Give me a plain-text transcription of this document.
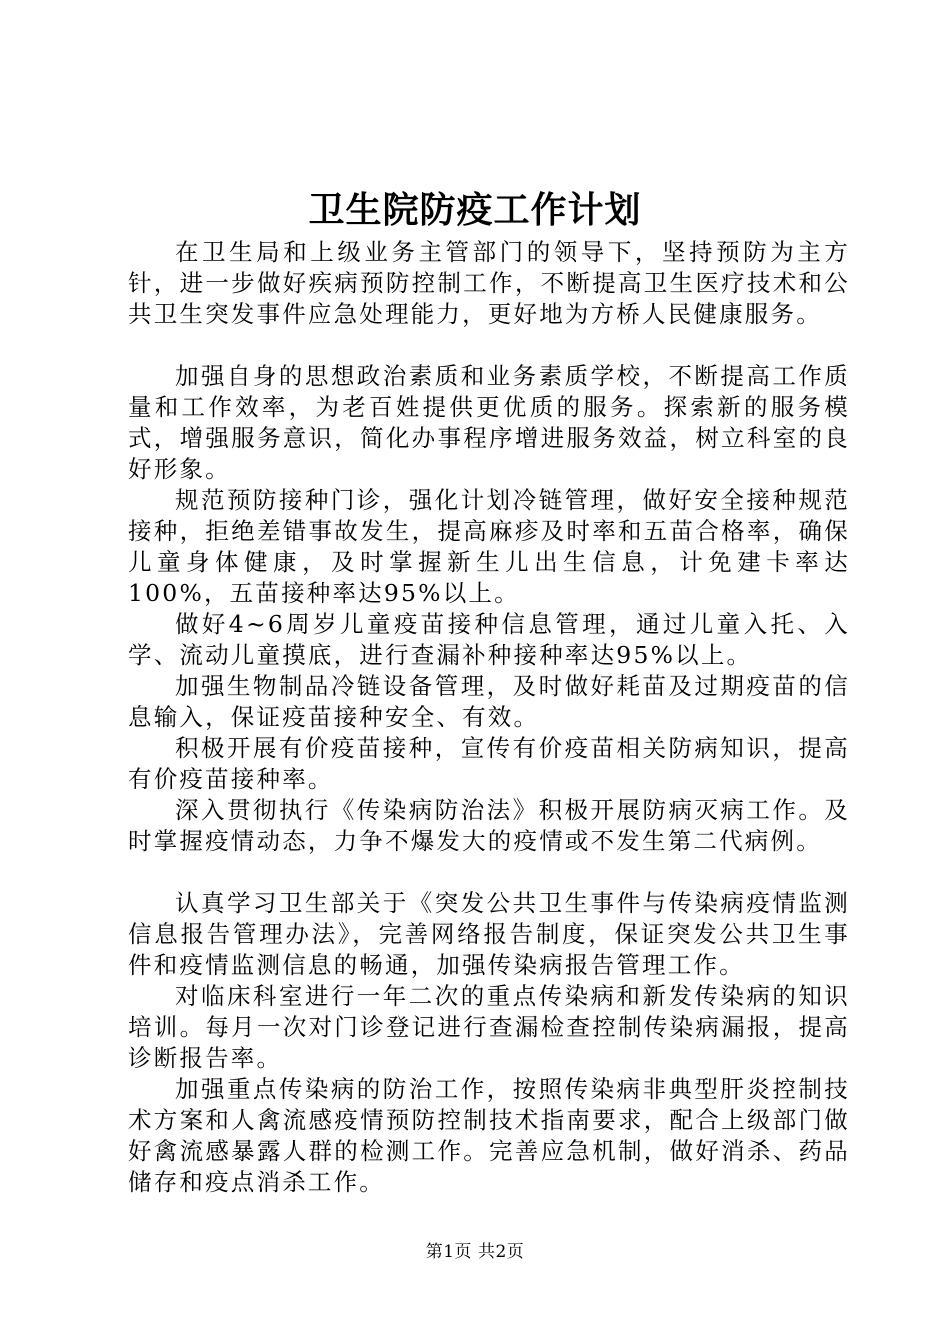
卫生院防疫工作计划

在卫生局和上级业务主管部门的领导下，坚持预防为主方针，进一步做好疾病预防控制工作，不断提高卫生医疗技术和公共卫生突发事件应急处理能力，更好地为方桥人民健康服务。

加强自身的思想政治素质和业务素质学校，不断提高工作质量和工作效率，为老百姓提供更优质的服务。探索新的服务模式，增强服务意识，简化办事程序增进服务效益，树立科室的良好形象。

规范预防接种门诊，强化计划冷链管理，做好安全接种规范接种，拒绝差错事故发生，提高麻疹及时率和五苗合格率，确保儿童身体健康，及时掌握新生儿出生信息，计免建卡率达100%，五苗接种率达95%以上。

做好4~6周岁儿童疫苗接种信息管理，通过儿童入托、入学、流动儿童摸底，进行查漏补种接种率达95%以上。

加强生物制品冷链设备管理，及时做好耗苗及过期疫苗的信息输入，保证疫苗接种安全、有效。

积极开展有价疫苗接种，宣传有价疫苗相关防病知识，提高有价疫苗接种率。

深入贯彻执行《传染病防治法》积极开展防病灭病工作。及时掌握疫情动态，力争不爆发大的疫情或不发生第二代病例。

认真学习卫生部关于《突发公共卫生事件与传染病疫情监测信息报告管理办法》，完善网络报告制度，保证突发公共卫生事件和疫情监测信息的畅通，加强传染病报告管理工作。

对临床科室进行一年二次的重点传染病和新发传染病的知识培训。每月一次对门诊登记进行查漏检查控制传染病漏报，提高诊断报告率。

加强重点传染病的防治工作，按照传染病非典型肝炎控制技术方案和人禽流感疫情预防控制技术指南要求，配合上级部门做好禽流感暴露人群的检测工作。完善应急机制，做好消杀、药品储存和疫点消杀工作。

第1页 共2页
